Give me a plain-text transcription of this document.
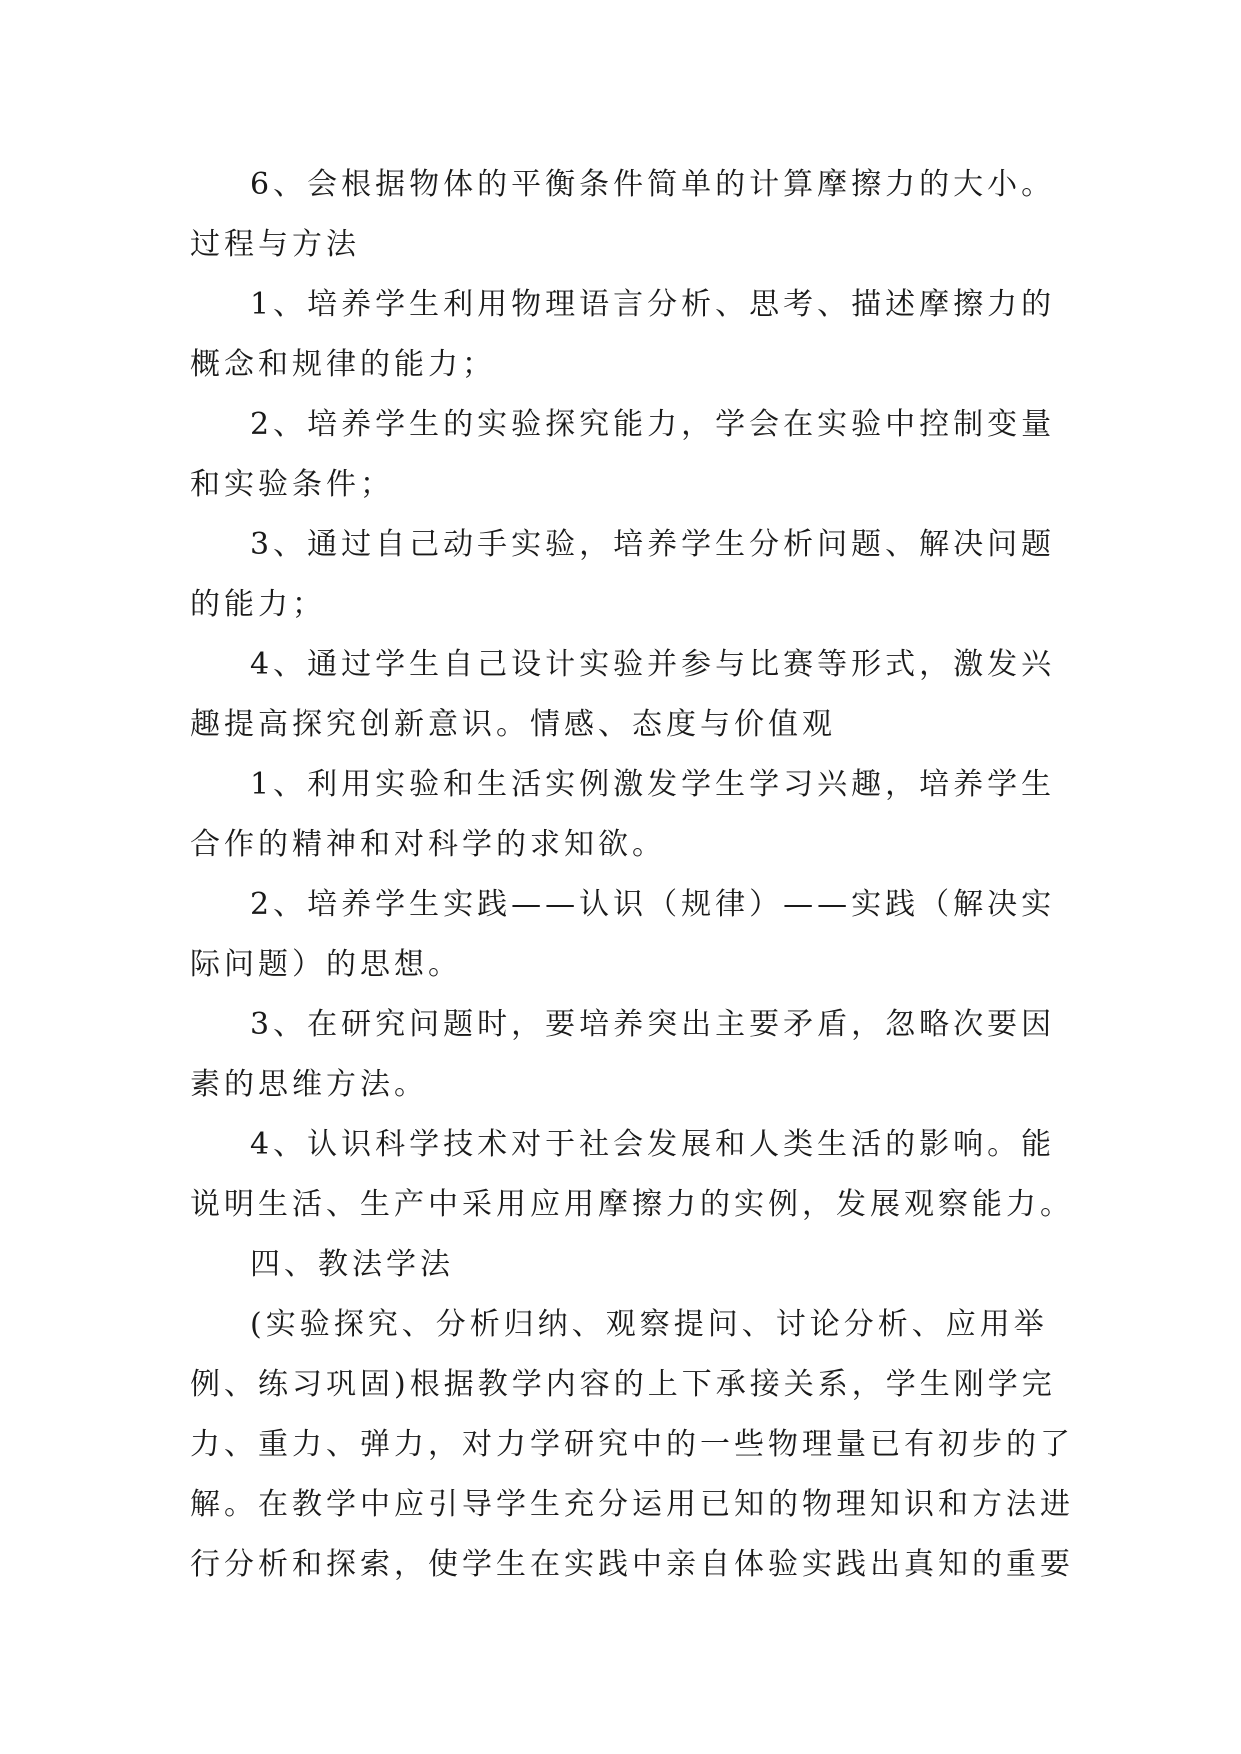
6、会根据物体的平衡条件简单的计算摩擦力的大小。
过程与方法
1、培养学生利用物理语言分析、思考、描述摩擦力的
概念和规律的能力；
2、培养学生的实验探究能力，学会在实验中控制变量
和实验条件；
3、通过自己动手实验，培养学生分析问题、解决问题
的能力；
4、通过学生自己设计实验并参与比赛等形式，激发兴
趣提高探究创新意识。情感、态度与价值观
1、利用实验和生活实例激发学生学习兴趣，培养学生
合作的精神和对科学的求知欲。
2、培养学生实践——认识（规律）——实践（解决实
际问题）的思想。
3、在研究问题时，要培养突出主要矛盾，忽略次要因
素的思维方法。
4、认识科学技术对于社会发展和人类生活的影响。能
说明生活、生产中采用应用摩擦力的实例，发展观察能力。
四、教法学法
(实验探究、分析归纳、观察提问、讨论分析、应用举
例、练习巩固)根据教学内容的上下承接关系，学生刚学完
力、重力、弹力，对力学研究中的一些物理量已有初步的了
解。在教学中应引导学生充分运用已知的物理知识和方法进
行分析和探索，使学生在实践中亲自体验实践出真知的重要
